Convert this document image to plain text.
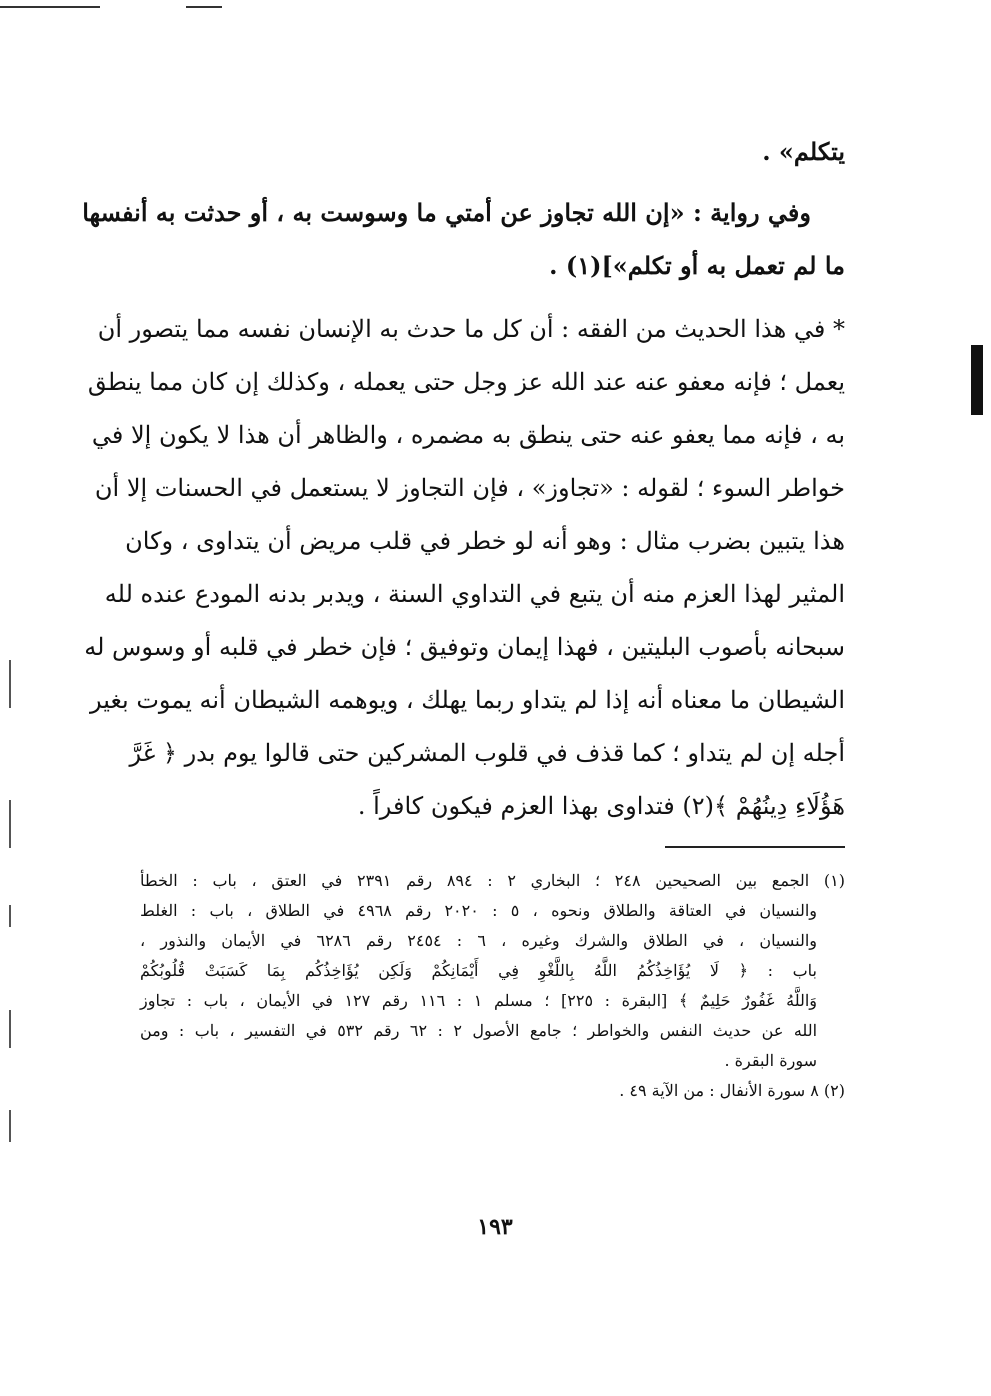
يتكلم» .
وفي رواية : «إن الله تجاوز عن أمتي ما وسوست به ، أو حدثت به أنفسها
ما لم تعمل به أو تكلم»](١) .
* في هذا الحديث من الفقه : أن كل ما حدث به الإنسان نفسه مما يتصور أن
يعمل ؛ فإنه معفو عنه عند الله عز وجل حتى يعمله ، وكذلك إن كان مما ينطق
به ، فإنه مما يعفو عنه حتى ينطق به مضمره ، والظاهر أن هذا لا يكون إلا في
خواطر السوء ؛ لقوله : «تجاوز» ، فإن التجاوز لا يستعمل في الحسنات إلا أن
هذا يتبين بضرب مثال : وهو أنه لو خطر في قلب مريض أن يتداوى ، وكان
المثير لهذا العزم منه أن يتبع في التداوي السنة ، ويدبر بدنه المودع عنده لله
سبحانه بأصوب البليتين ، فهذا إيمان وتوفيق ؛ فإن خطر في قلبه أو وسوس له
الشيطان ما معناه أنه إذا لم يتداو ربما يهلك ، ويوهمه الشيطان أنه يموت بغير
أجله إن لم يتداو ؛ كما قذف في قلوب المشركين حتى قالوا يوم بدر ﴿ غَرَّ
هَؤُلَاءِ دِينُهُمْ ﴾(٢) فتداوى بهذا العزم فيكون كافراً .
(١) الجمع بين الصحيحين ٢٤٨ ؛ البخاري ٢ : ٨٩٤ رقم ٢٣٩١ في العتق ، باب : الخطأ
والنسيان في العتاقة والطلاق ونحوه ، ٥ : ٢٠٢٠ رقم ٤٩٦٨ في الطلاق ، باب : الغلط
والنسيان ، في الطلاق والشرك وغيره ، ٦ : ٢٤٥٤ رقم ٦٢٨٦ في الأيمان والنذور ،
باب : ﴿ لَا يُؤَاخِذُكُمُ اللَّهُ بِاللَّغْوِ فِي أَيْمَانِكُمْ وَلَكِن يُؤَاخِذُكُم بِمَا كَسَبَتْ قُلُوبُكُمْ
وَاللَّهُ غَفُورٌ حَلِيمٌ ﴾ [البقرة : ٢٢٥] ؛ مسلم ١ : ١١٦ رقم ١٢٧ في الأيمان ، باب : تجاوز
الله عن حديث النفس والخواطر ؛ جامع الأصول ٢ : ٦٢ رقم ٥٣٢ في التفسير ، باب : ومن
سورة البقرة .
(٢) ٨ سورة الأنفال : من الآية ٤٩ .
١٩٣
